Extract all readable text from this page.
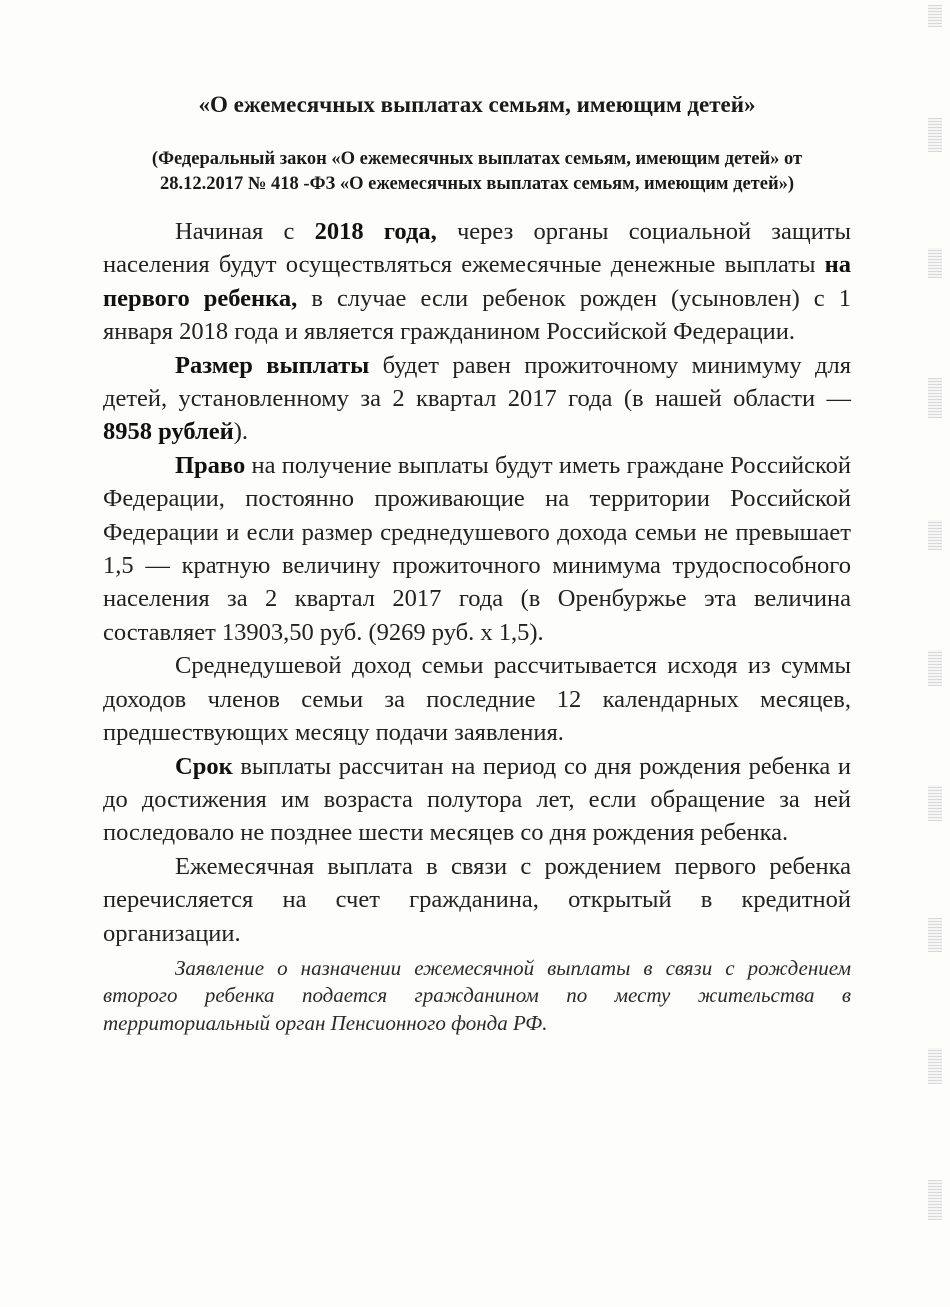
«О ежемесячных выплатах семьям, имеющим детей»

(Федеральный закон «О ежемесячных выплатах семьям, имеющим детей» от 28.12.2017 № 418 -ФЗ «О ежемесячных выплатах семьям, имеющим детей»)

Начиная с 2018 года, через органы социальной защиты населения будут осуществляться ежемесячные денежные выплаты на первого ребенка, в случае если ребенок рожден (усыновлен) с 1 января 2018 года и является гражданином Российской Федерации.

Размер выплаты будет равен прожиточному минимуму для детей, установленному за 2 квартал 2017 года (в нашей области — 8958 рублей).

Право на получение выплаты будут иметь граждане Российской Федерации, постоянно проживающие на территории Российской Федерации и если размер среднедушевого дохода семьи не превышает 1,5 — кратную величину прожиточного минимума трудоспособного населения за 2 квартал 2017 года (в Оренбуржье эта величина составляет 13903,50 руб. (9269 руб. х 1,5).

Среднедушевой доход семьи рассчитывается исходя из суммы доходов членов семьи за последние 12 календарных месяцев, предшествующих месяцу подачи заявления.

Срок выплаты рассчитан на период со дня рождения ребенка и до достижения им возраста полутора лет, если обращение за ней последовало не позднее шести месяцев со дня рождения ребенка.

Ежемесячная выплата в связи с рождением первого ребенка перечисляется на счет гражданина, открытый в кредитной организации.

Заявление о назначении ежемесячной выплаты в связи с рождением второго ребенка подается гражданином по месту жительства в территориальный орган Пенсионного фонда РФ.
